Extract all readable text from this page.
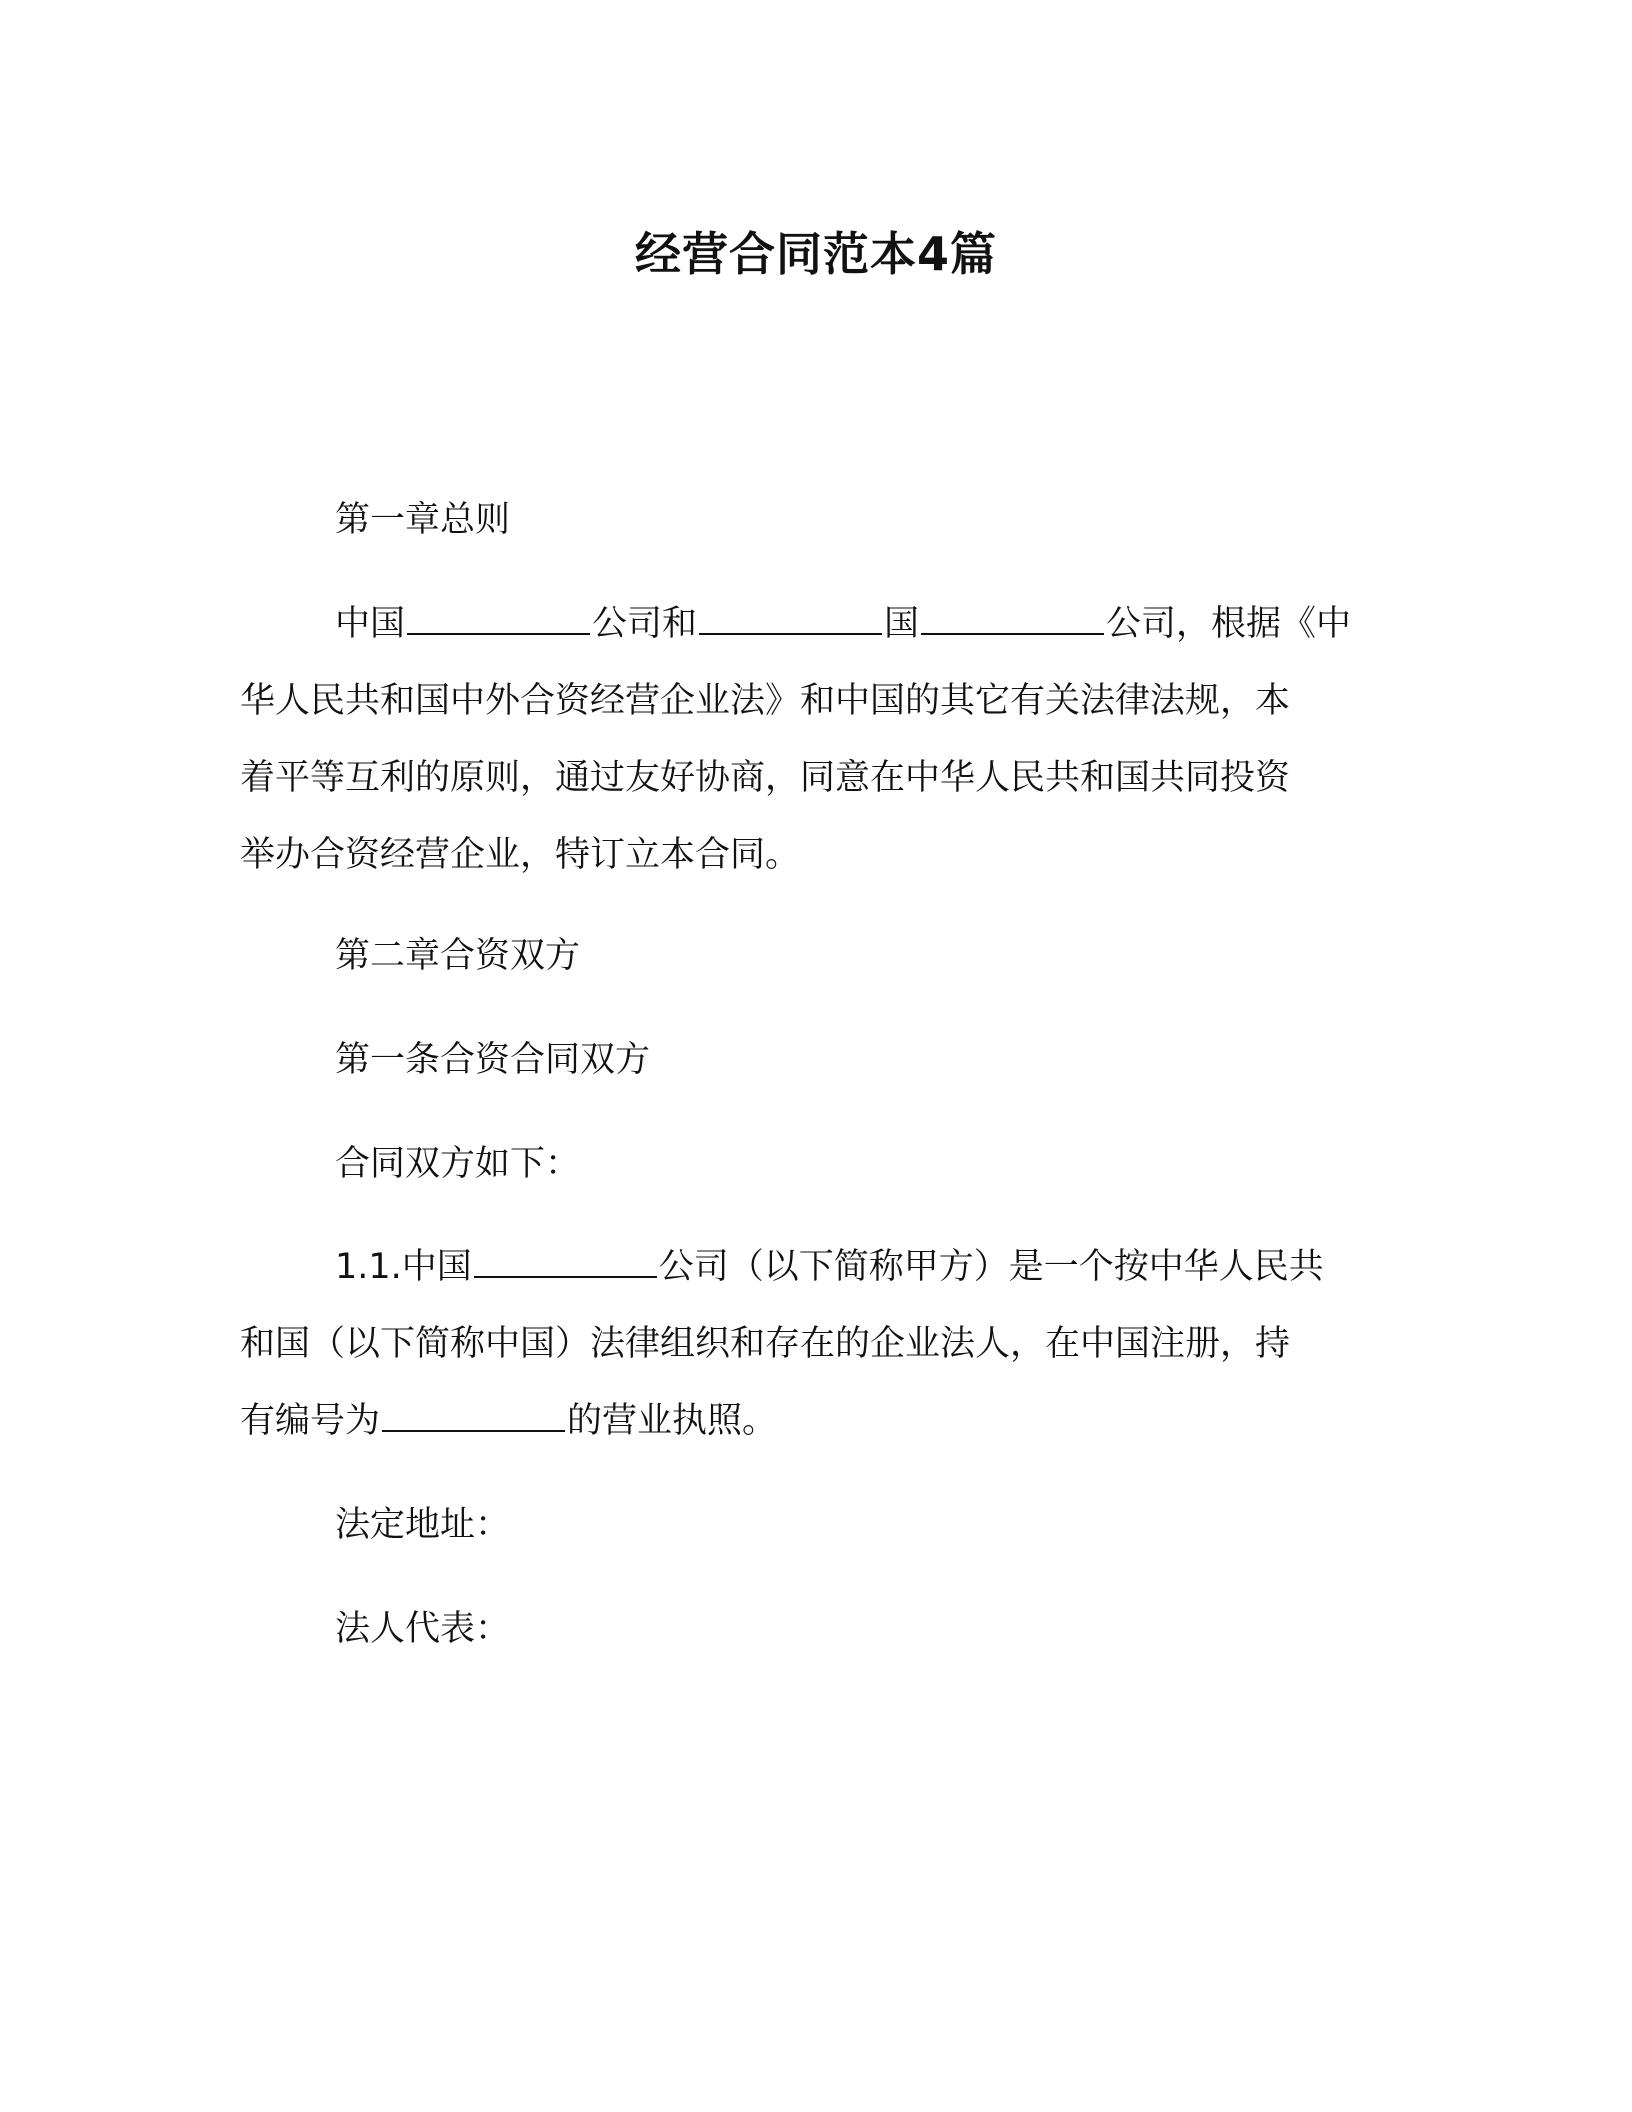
经营合同范本4篇

第一章总则

中国	公司和	国	公司，根据《中

华人民共和国中外合资经营企业法》和中国的其它有关法律法规，本

着平等互利的原则，通过友好协商，同意在中华人民共和国共同投资

举办合资经营企业，特订立本合同。

第二章合资双方

第一条合资合同双方

合同双方如下：

1.1.中国	公司（以下简称甲方）是一个按中华人民共

和国（以下简称中国）法律组织和存在的企业法人，在中国注册，持

有编号为	的营业执照。

法定地址：

法人代表：
